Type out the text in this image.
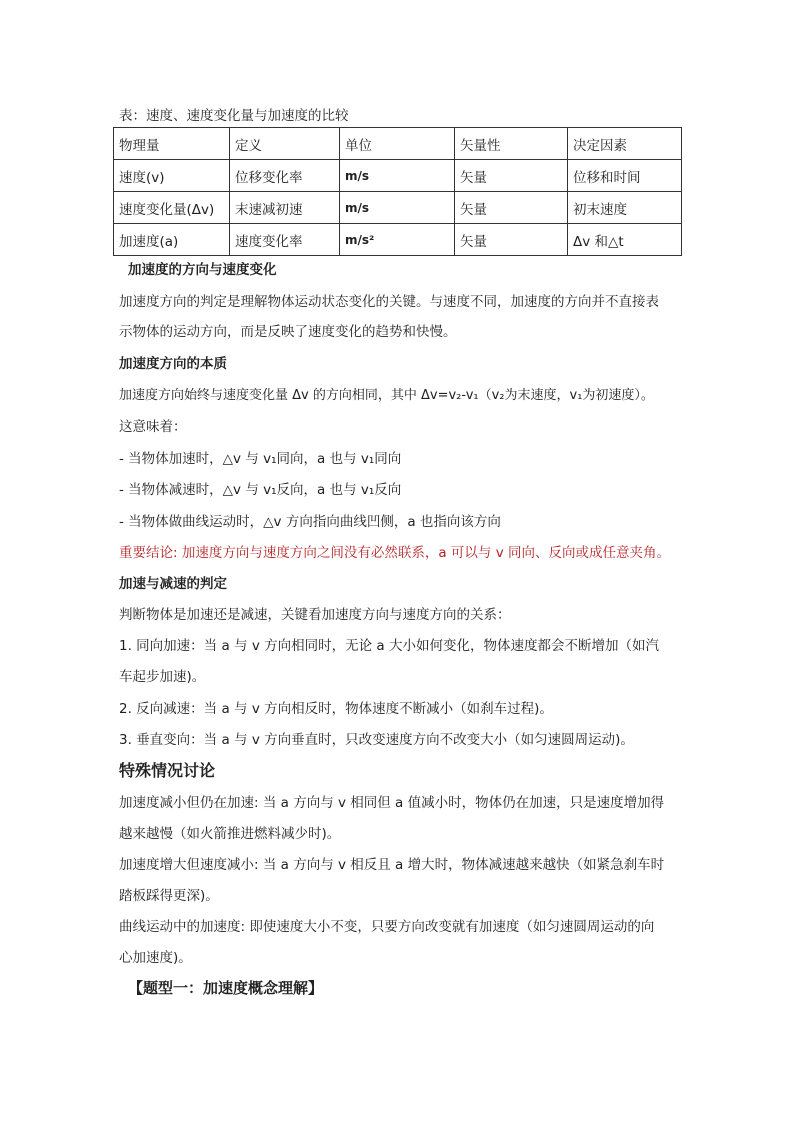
表：速度、速度变化量与加速度的比较
物理量	定义	单位	矢量性	决定因素
速度(v)	位移变化率	m/s	矢量	位移和时间
速度变化量(Δv)	末速减初速	m/s	矢量	初末速度
加速度(a)	速度变化率	m/s²	矢量	Δv 和△t
加速度的方向与速度变化
加速度方向的判定是理解物体运动状态变化的关键。与速度不同，加速度的方向并不直接表
示物体的运动方向，而是反映了速度变化的趋势和快慢。
加速度方向的本质
加速度方向始终与速度变化量 Δv 的方向相同，其中 Δv=v₂-v₁（v₂为末速度，v₁为初速度）。
这意味着：
- 当物体加速时，△v 与 v₁同向，a 也与 v₁同向
- 当物体减速时，△v 与 v₁反向，a 也与 v₁反向
- 当物体做曲线运动时，△v 方向指向曲线凹侧，a 也指向该方向
重要结论: 加速度方向与速度方向之间没有必然联系，a 可以与 v 同向、反向或成任意夹角。
加速与减速的判定
判断物体是加速还是减速，关键看加速度方向与速度方向的关系：
1. 同向加速：当 a 与 v 方向相同时，无论 a 大小如何变化，物体速度都会不断增加（如汽
车起步加速)。
2. 反向减速：当 a 与 v 方向相反时，物体速度不断减小（如刹车过程)。
3. 垂直变向：当 a 与 v 方向垂直时，只改变速度方向不改变大小（如匀速圆周运动)。
特殊情况讨论
加速度减小但仍在加速: 当 a 方向与 v 相同但 a 值减小时，物体仍在加速，只是速度增加得
越来越慢（如火箭推进燃料减少时)。
加速度增大但速度减小: 当 a 方向与 v 相反且 a 增大时，物体减速越来越快（如紧急刹车时
踏板踩得更深)。
曲线运动中的加速度: 即使速度大小不变，只要方向改变就有加速度（如匀速圆周运动的向
心加速度)。
【题型一：加速度概念理解】
